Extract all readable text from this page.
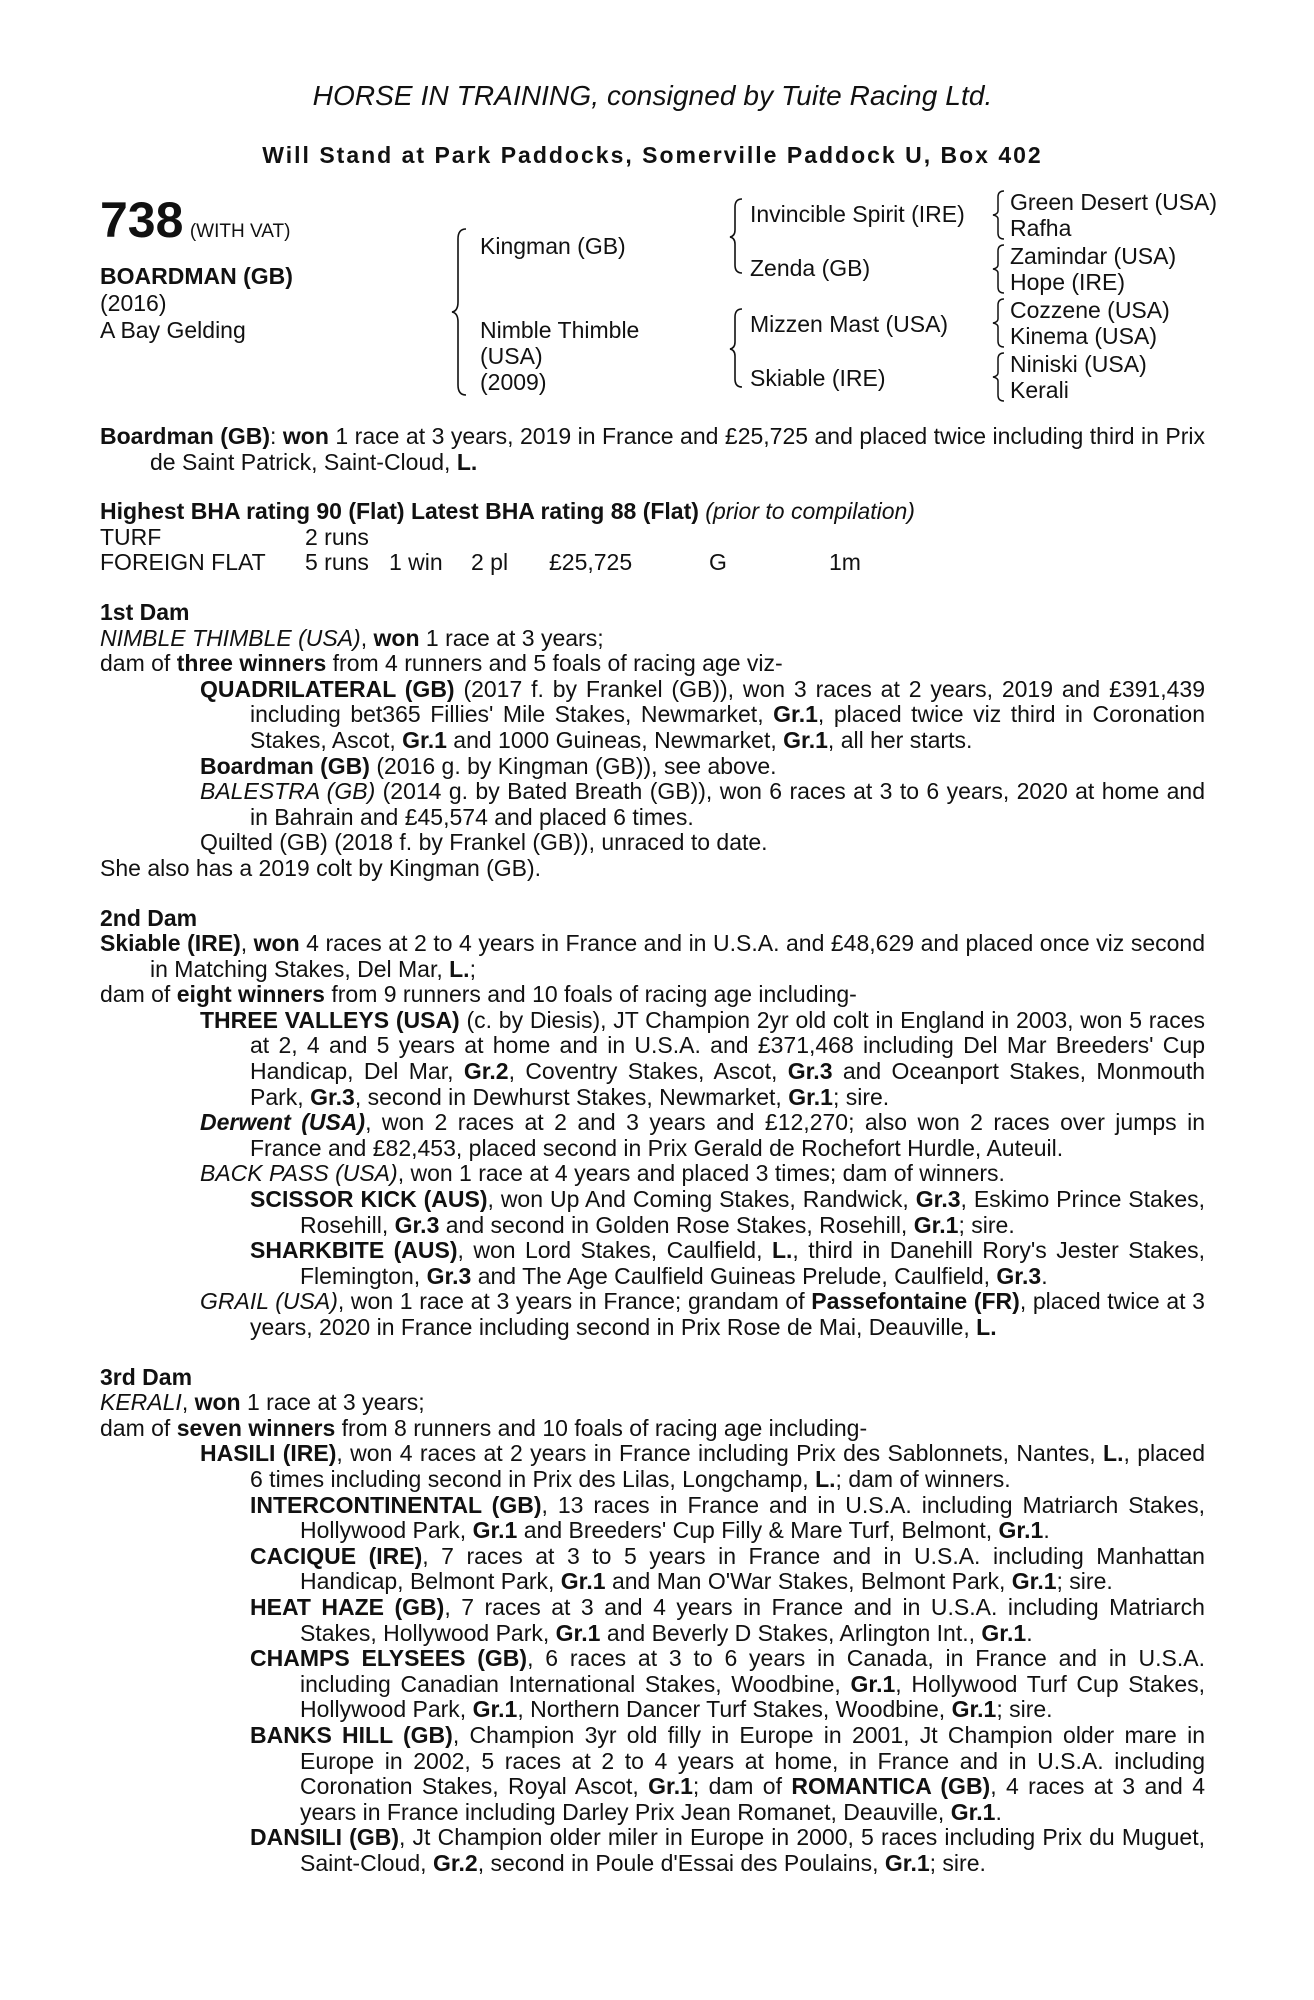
HORSE IN TRAINING, consigned by Tuite Racing Ltd.

Will Stand at Park Paddocks, Somerville Paddock U, Box 402

738 (WITH VAT)
BOARDMAN (GB)
(2016)
A Bay Gelding
Kingman (GB)
Nimble Thimble
(USA)
(2009)
Invincible Spirit (IRE)
Zenda (GB)
Mizzen Mast (USA)
Skiable (IRE)
Green Desert (USA)
Rafha
Zamindar (USA)
Hope (IRE)
Cozzene (USA)
Kinema (USA)
Niniski (USA)
Kerali

Boardman (GB): won 1 race at 3 years, 2019 in France and £25,725 and placed twice including third in Prix de Saint Patrick, Saint-Cloud, L.

Highest BHA rating 90 (Flat) Latest BHA rating 88 (Flat) (prior to compilation)

TURF	2 runs

FOREIGN FLAT 5 runs 1 win 2 pl £25,725	G	1m

1st Dam

NIMBLE THIMBLE (USA), won 1 race at 3 years;

dam of three winners from 4 runners and 5 foals of racing age viz-

QUADRILATERAL (GB) (2017 f. by Frankel (GB)), won 3 races at 2 years, 2019 and £391,439 including bet365 Fillies' Mile Stakes, Newmarket, Gr.1, placed twice viz third in Coronation Stakes, Ascot, Gr.1 and 1000 Guineas, Newmarket, Gr.1, all her starts.

Boardman (GB) (2016 g. by Kingman (GB)), see above.

BALESTRA (GB) (2014 g. by Bated Breath (GB)), won 6 races at 3 to 6 years, 2020 at home and in Bahrain and £45,574 and placed 6 times.

Quilted (GB) (2018 f. by Frankel (GB)), unraced to date.

She also has a 2019 colt by Kingman (GB).

2nd Dam

Skiable (IRE), won 4 races at 2 to 4 years in France and in U.S.A. and £48,629 and placed once viz second in Matching Stakes, Del Mar, L.;

dam of eight winners from 9 runners and 10 foals of racing age including-

THREE VALLEYS (USA) (c. by Diesis), JT Champion 2yr old colt in England in 2003, won 5 races at 2, 4 and 5 years at home and in U.S.A. and £371,468 including Del Mar Breeders' Cup Handicap, Del Mar, Gr.2, Coventry Stakes, Ascot, Gr.3 and Oceanport Stakes, Monmouth Park, Gr.3, second in Dewhurst Stakes, Newmarket, Gr.1; sire.

Derwent (USA), won 2 races at 2 and 3 years and £12,270; also won 2 races over jumps in France and £82,453, placed second in Prix Gerald de Rochefort Hurdle, Auteuil.

BACK PASS (USA), won 1 race at 4 years and placed 3 times; dam of winners.

SCISSOR KICK (AUS), won Up And Coming Stakes, Randwick, Gr.3, Eskimo Prince Stakes, Rosehill, Gr.3 and second in Golden Rose Stakes, Rosehill, Gr.1; sire.

SHARKBITE (AUS), won Lord Stakes, Caulfield, L., third in Danehill Rory's Jester Stakes, Flemington, Gr.3 and The Age Caulfield Guineas Prelude, Caulfield, Gr.3.

GRAIL (USA), won 1 race at 3 years in France; grandam of Passefontaine (FR), placed twice at 3 years, 2020 in France including second in Prix Rose de Mai, Deauville, L.

3rd Dam

KERALI, won 1 race at 3 years;

dam of seven winners from 8 runners and 10 foals of racing age including-

HASILI (IRE), won 4 races at 2 years in France including Prix des Sablonnets, Nantes, L., placed 6 times including second in Prix des Lilas, Longchamp, L.; dam of winners.

INTERCONTINENTAL (GB), 13 races in France and in U.S.A. including Matriarch Stakes, Hollywood Park, Gr.1 and Breeders' Cup Filly & Mare Turf, Belmont, Gr.1.

CACIQUE (IRE), 7 races at 3 to 5 years in France and in U.S.A. including Manhattan Handicap, Belmont Park, Gr.1 and Man O'War Stakes, Belmont Park, Gr.1; sire.

HEAT HAZE (GB), 7 races at 3 and 4 years in France and in U.S.A. including Matriarch Stakes, Hollywood Park, Gr.1 and Beverly D Stakes, Arlington Int., Gr.1.

CHAMPS ELYSEES (GB), 6 races at 3 to 6 years in Canada, in France and in U.S.A. including Canadian International Stakes, Woodbine, Gr.1, Hollywood Turf Cup Stakes, Hollywood Park, Gr.1, Northern Dancer Turf Stakes, Woodbine, Gr.1; sire.

BANKS HILL (GB), Champion 3yr old filly in Europe in 2001, Jt Champion older mare in Europe in 2002, 5 races at 2 to 4 years at home, in France and in U.S.A. including Coronation Stakes, Royal Ascot, Gr.1; dam of ROMANTICA (GB), 4 races at 3 and 4 years in France including Darley Prix Jean Romanet, Deauville, Gr.1.

DANSILI (GB), Jt Champion older miler in Europe in 2000, 5 races including Prix du Muguet, Saint-Cloud, Gr.2, second in Poule d'Essai des Poulains, Gr.1; sire.
